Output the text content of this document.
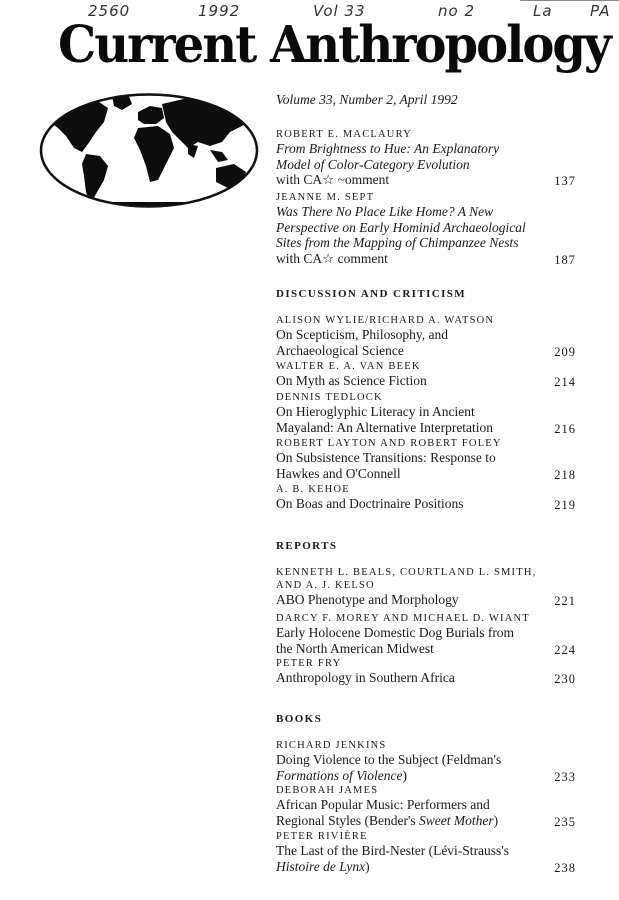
2560	1992	Vol 33	no 2	La PA
Current Anthropology
Volume 33, Number 2, April 1992
ROBERT E. MACLAURY
From Brightness to Hue: An Explanatory
Model of Color-Category Evolution
with CA☆ ~omment	137
JEANNE M. SEPT
Was There No Place Like Home? A New
Perspective on Early Hominid Archaeological
Sites from the Mapping of Chimpanzee Nests
with CA☆ comment	187
DISCUSSION AND CRITICISM
ALISON WYLIE/RICHARD A. WATSON
On Scepticism, Philosophy, and
Archaeological Science	209
WALTER E. A. VAN BEEK
On Myth as Science Fiction	214
DENNIS TEDLOCK
On Hieroglyphic Literacy in Ancient
Mayaland: An Alternative Interpretation	216
ROBERT LAYTON AND ROBERT FOLEY
On Subsistence Transitions: Response to
Hawkes and O'Connell	218
A. B. KEHOE
On Boas and Doctrinaire Positions	219
REPORTS
KENNETH L. BEALS, COURTLAND L. SMITH,
AND A. J. KELSO
ABO Phenotype and Morphology	221
DARCY F. MOREY AND MICHAEL D. WIANT
Early Holocene Domestic Dog Burials from
the North American Midwest	224
PETER FRY
Anthropology in Southern Africa	230
BOOKS
RICHARD JENKINS
Doing Violence to the Subject (Feldman's
Formations of Violence)	233
DEBORAH JAMES
African Popular Music: Performers and
Regional Styles (Bender's Sweet Mother)	235
PETER RIVIÈRE
The Last of the Bird-Nester (Lévi-Strauss's
Histoire de Lynx)	238
